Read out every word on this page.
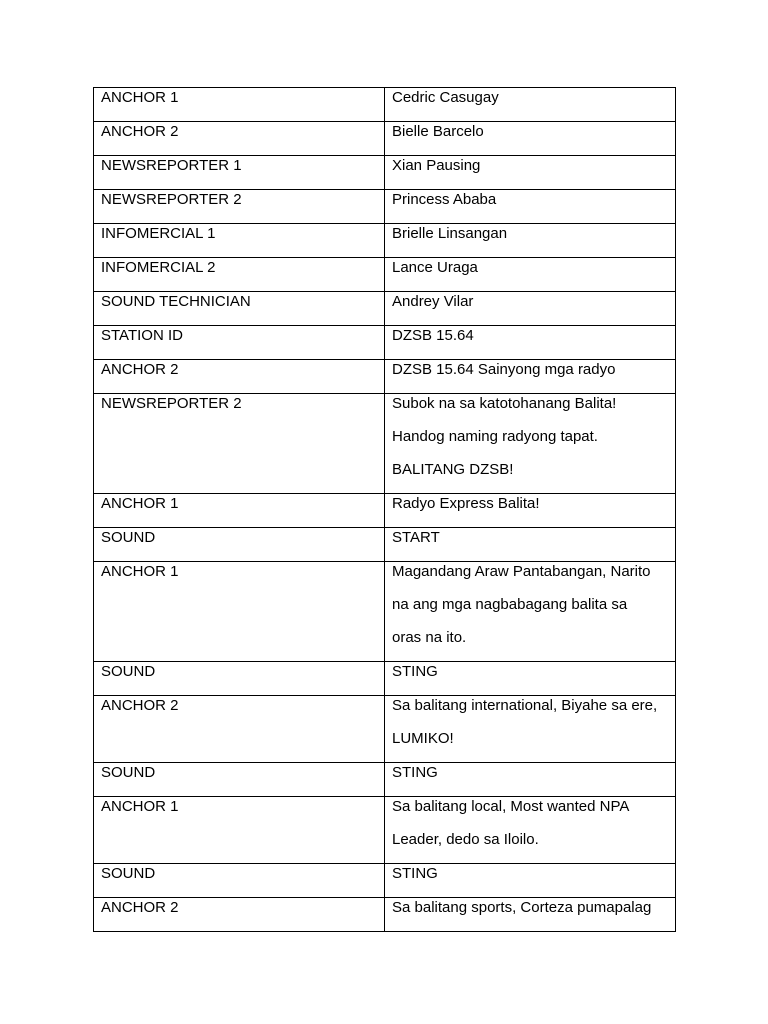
ANCHOR 1	Cedric Casugay

ANCHOR 2	Bielle Barcelo

NEWSREPORTER 1	Xian Pausing

NEWSREPORTER 2	Princess Ababa

INFOMERCIAL 1	Brielle Linsangan

INFOMERCIAL 2	Lance Uraga

SOUND TECHNICIAN	Andrey Vilar

STATION ID	DZSB 15.64

ANCHOR 2	DZSB 15.64 Sainyong mga radyo

NEWSREPORTER 2	Subok na sa katotohanang Balita!
Handog naming radyong tapat.
BALITANG DZSB!

ANCHOR 1	Radyo Express Balita!

SOUND	START

ANCHOR 1	Magandang Araw Pantabangan, Narito
na ang mga nagbabagang balita sa
oras na ito.

SOUND	STING

ANCHOR 2	Sa balitang international, Biyahe sa ere,
LUMIKO!

SOUND	STING

ANCHOR 1	Sa balitang local, Most wanted NPA
Leader, dedo sa Iloilo.

SOUND	STING

ANCHOR 2	Sa balitang sports, Corteza pumapalag
